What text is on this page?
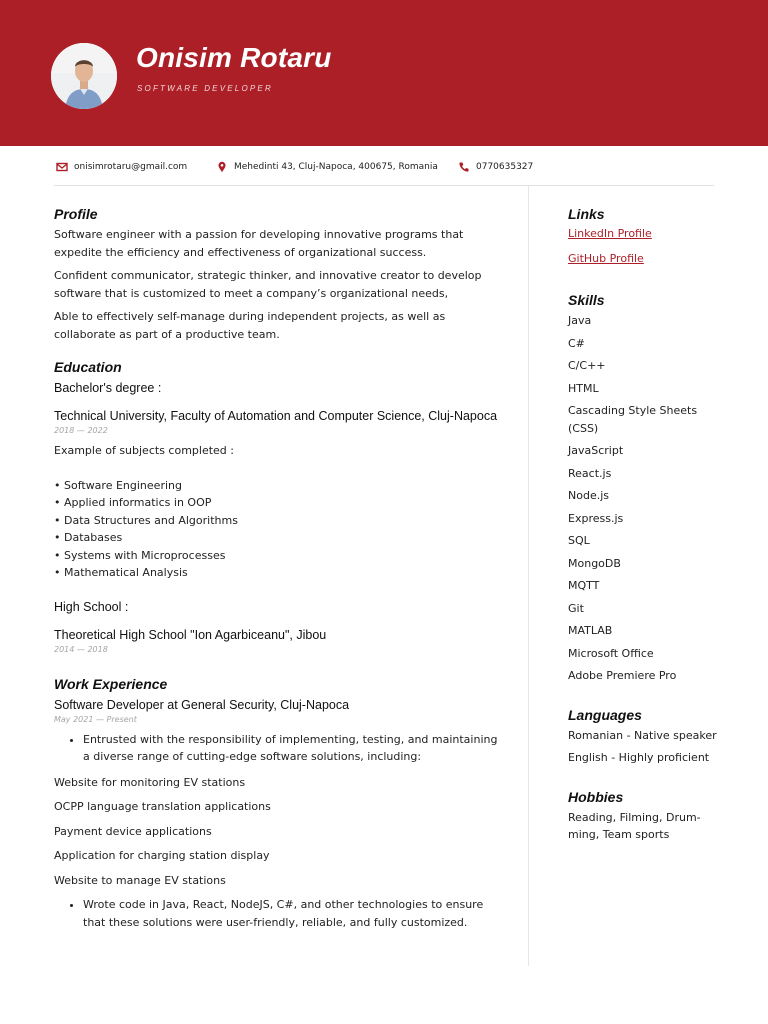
Onisim Rotaru
SOFTWARE DEVELOPER
onisimrotaru@gmail.com	Mehedinti 43, Cluj-Napoca, 400675, Romania	0770635327
Profile
Software engineer with a passion for developing innovative programs that expedite the efficiency and effectiveness of organizational success.
Confident communicator, strategic thinker, and innovative creator to develop software that is customized to meet a company’s organizational needs,
Able to effectively self-manage during independent projects, as well as collaborate as part of a productive team.
Education
Bachelor's degree :
Technical University, Faculty of Automation and Computer Science, Cluj-Napoca
2018 — 2022
Example of subjects completed :
• Software Engineering
• Applied informatics in OOP
• Data Structures and Algorithms
• Databases
• Systems with Microprocesses
• Mathematical Analysis
High School :
Theoretical High School "Ion Agarbiceanu", Jibou
2014 — 2018
Work Experience
Software Developer at General Security, Cluj-Napoca
May 2021 — Present
• Entrusted with the responsibility of implementing, testing, and maintaining a diverse range of cutting-edge software solutions, including:
Website for monitoring EV stations
OCPP language translation applications
Payment device applications
Application for charging station display
Website to manage EV stations
• Wrote code in Java, React, NodeJS, C#, and other technologies to ensure that these solutions were user-friendly, reliable, and fully customized.
Links
LinkedIn Profile
GitHub Profile
Skills
Java
C#
C/C++
HTML
Cascading Style Sheets (CSS)
JavaScript
React.js
Node.js
Express.js
SQL
MongoDB
MQTT
Git
MATLAB
Microsoft Office
Adobe Premiere Pro
Languages
Romanian - Native speaker
English - Highly proficient
Hobbies
Reading, Filming, Drum-ming, Team sports
